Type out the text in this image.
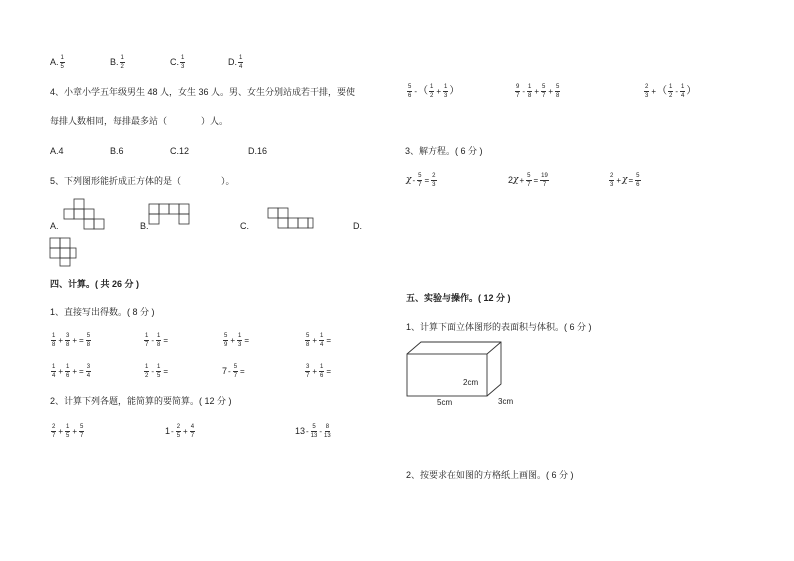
A. $\frac{1}{5}$	B. $\frac{1}{2}$	C. $\frac{1}{3}$	D. $\frac{1}{4}$
4、小章小学五年级男生 48 人，女生 36 人。男、女生分别站成若干排，要使
每排人数相同，每排最多站（	）人。
A.4	B.6	C.12	D.16
5、下列图形能折成正方体的是（	）。
A.	B.	C.	D.
四、计算。( 共 26 分 )
1、直接写出得数。( 8 分 )
$\frac{1}{8} + \frac{3}{8}$ + = $\frac{5}{8}$	$\frac{1}{7} - \frac{1}{8}$ =	$\frac{5}{9} + \frac{1}{3}$ =	$\frac{5}{8} + \frac{1}{4}$ =
$\frac{1}{4} + \frac{1}{6}$ + = $\frac{3}{4}$	$\frac{1}{2} - \frac{1}{5}$ =	$7- \frac{5}{7}$ =	$\frac{3}{7} + \frac{1}{6}$ =
2、计算下列各题，能简算的要简算。( 12 分 )
$\frac{2}{7} + \frac{1}{5} + \frac{5}{7}$	$1- \frac{2}{5} + \frac{4}{7}$	$13- \frac{5}{13} - \frac{8}{13}$
$\frac{5}{6}$ -（ $\frac{1}{2} + \frac{1}{3}$ ）	$\frac{9}{7} - \frac{1}{8} + \frac{5}{7} + \frac{5}{8}$	$\frac{2}{3}$ +（ $\frac{1}{2} - \frac{1}{4}$ ）
3、解方程。( 6 分 )
$\chi- \frac{5}{7} = \frac{2}{3}$	$2\chi+ \frac{5}{7} = \frac{19}{7}$	$\frac{2}{3} +\chi= \frac{5}{6}$
五、实验与操作。( 12 分 )
1、计算下面立体图形的表面积与体积。( 6 分 )
2cm
5cm	3cm
2、按要求在如图的方格纸上画图。( 6 分 )
